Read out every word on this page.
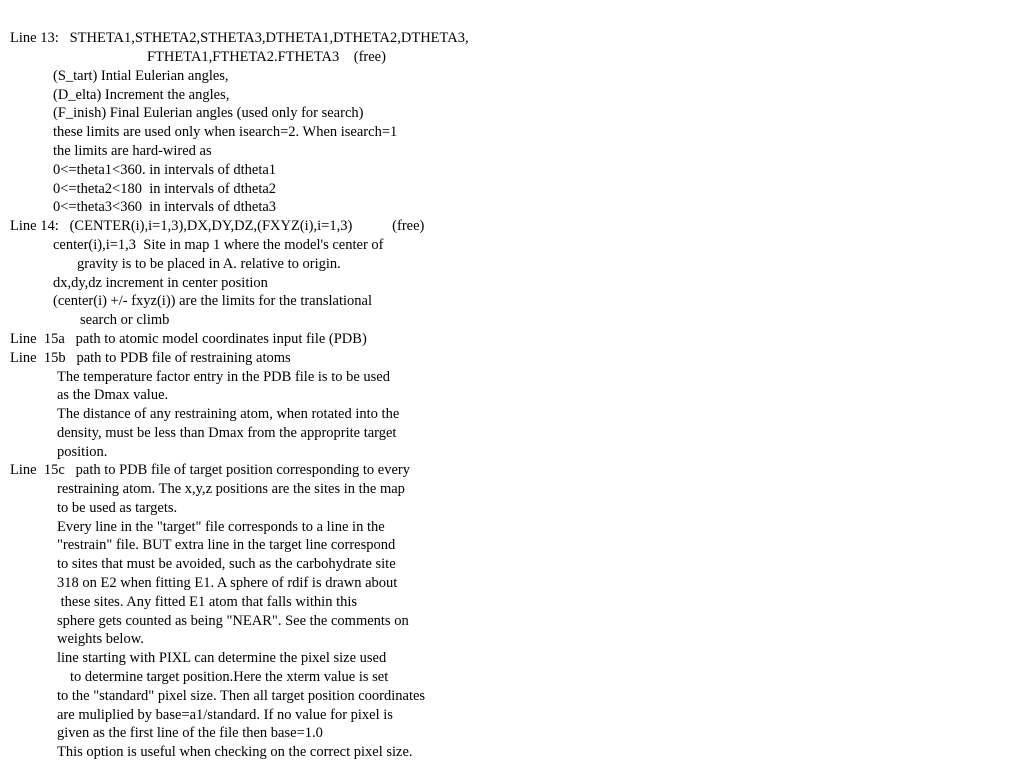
Line 13:   STHETA1,STHETA2,STHETA3,DTHETA1,DTHETA2,DTHETA3,
FTHETA1,FTHETA2.FTHETA3    (free)
(S_tart) Intial Eulerian angles,
(D_elta) Increment the angles,
(F_inish) Final Eulerian angles (used only for search)
these limits are used only when isearch=2. When isearch=1
the limits are hard-wired as
0<=theta1<360. in intervals of dtheta1
0<=theta2<180  in intervals of dtheta2
0<=theta3<360  in intervals of dtheta3
Line 14:   (CENTER(i),i=1,3),DX,DY,DZ,(FXYZ(i),i=1,3)           (free)
center(i),i=1,3  Site in map 1 where the model's center of
gravity is to be placed in A. relative to origin.
dx,dy,dz increment in center position
(center(i) +/- fxyz(i)) are the limits for the translational
search or climb
Line  15a   path to atomic model coordinates input file (PDB)
Line  15b   path to PDB file of restraining atoms
The temperature factor entry in the PDB file is to be used
as the Dmax value.
The distance of any restraining atom, when rotated into the
density, must be less than Dmax from the approprite target
position.
Line  15c   path to PDB file of target position corresponding to every
restraining atom. The x,y,z positions are the sites in the map
to be used as targets.
Every line in the "target" file corresponds to a line in the
"restrain" file. BUT extra line in the target line correspond
to sites that must be avoided, such as the carbohydrate site
318 on E2 when fitting E1. A sphere of rdif is drawn about
these sites. Any fitted E1 atom that falls within this
sphere gets counted as being "NEAR". See the comments on
weights below.
line starting with PIXL can determine the pixel size used
to determine target position.Here the xterm value is set
to the "standard" pixel size. Then all target position coordinates
are muliplied by base=a1/standard. If no value for pixel is
given as the first line of the file then base=1.0
This option is useful when checking on the correct pixel size.
